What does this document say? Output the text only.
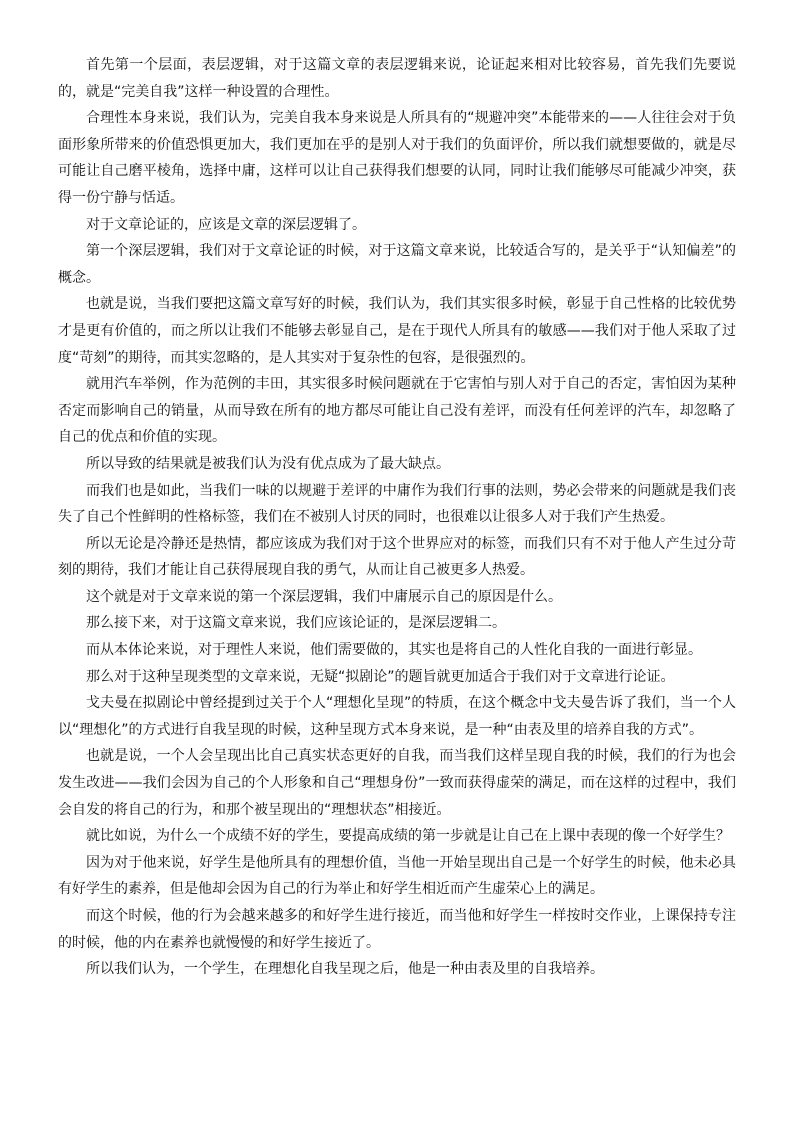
首先第一个层面，表层逻辑，对于这篇文章的表层逻辑来说，论证起来相对比较容易，首先我们先要说的，就是“完美自我”这样一种设置的合理性。

合理性本身来说，我们认为，完美自我本身来说是人所具有的“规避冲突”本能带来的——人往往会对于负面形象所带来的价值恐惧更加大，我们更加在乎的是别人对于我们的负面评价，所以我们就想要做的，就是尽可能让自己磨平棱角，选择中庸，这样可以让自己获得我们想要的认同，同时让我们能够尽可能减少冲突，获得一份宁静与恬适。

对于文章论证的，应该是文章的深层逻辑了。

第一个深层逻辑，我们对于文章论证的时候，对于这篇文章来说，比较适合写的，是关乎于“认知偏差”的概念。

也就是说，当我们要把这篇文章写好的时候，我们认为，我们其实很多时候，彰显于自己性格的比较优势才是更有价值的，而之所以让我们不能够去彰显自己，是在于现代人所具有的敏感——我们对于他人采取了过度“苛刻”的期待，而其实忽略的，是人其实对于复杂性的包容，是很强烈的。

就用汽车举例，作为范例的丰田，其实很多时候问题就在于它害怕与别人对于自己的否定，害怕因为某种否定而影响自己的销量，从而导致在所有的地方都尽可能让自己没有差评，而没有任何差评的汽车，却忽略了自己的优点和价值的实现。

所以导致的结果就是被我们认为没有优点成为了最大缺点。

而我们也是如此，当我们一味的以规避于差评的中庸作为我们行事的法则，势必会带来的问题就是我们丧失了自己个性鲜明的性格标签，我们在不被别人讨厌的同时，也很难以让很多人对于我们产生热爱。

所以无论是冷静还是热情，都应该成为我们对于这个世界应对的标签，而我们只有不对于他人产生过分苛刻的期待，我们才能让自己获得展现自我的勇气，从而让自己被更多人热爱。

这个就是对于文章来说的第一个深层逻辑，我们中庸展示自己的原因是什么。

那么接下来，对于这篇文章来说，我们应该论证的，是深层逻辑二。

而从本体论来说，对于理性人来说，他们需要做的，其实也是将自己的人性化自我的一面进行彰显。

那么对于这种呈现类型的文章来说，无疑“拟剧论”的题旨就更加适合于我们对于文章进行论证。

戈夫曼在拟剧论中曾经提到过关于个人“理想化呈现”的特质，在这个概念中戈夫曼告诉了我们，当一个人以“理想化”的方式进行自我呈现的时候，这种呈现方式本身来说，是一种“由表及里的培养自我的方式”。

也就是说，一个人会呈现出比自己真实状态更好的自我，而当我们这样呈现自我的时候，我们的行为也会发生改进——我们会因为自己的个人形象和自己“理想身份”一致而获得虚荣的满足，而在这样的过程中，我们会自发的将自己的行为，和那个被呈现出的“理想状态”相接近。

就比如说，为什么一个成绩不好的学生，要提高成绩的第一步就是让自己在上课中表现的像一个好学生？

因为对于他来说，好学生是他所具有的理想价值，当他一开始呈现出自己是一个好学生的时候，他未必具有好学生的素养，但是他却会因为自己的行为举止和好学生相近而产生虚荣心上的满足。

而这个时候，他的行为会越来越多的和好学生进行接近，而当他和好学生一样按时交作业，上课保持专注的时候，他的内在素养也就慢慢的和好学生接近了。

所以我们认为，一个学生，在理想化自我呈现之后，他是一种由表及里的自我培养。
